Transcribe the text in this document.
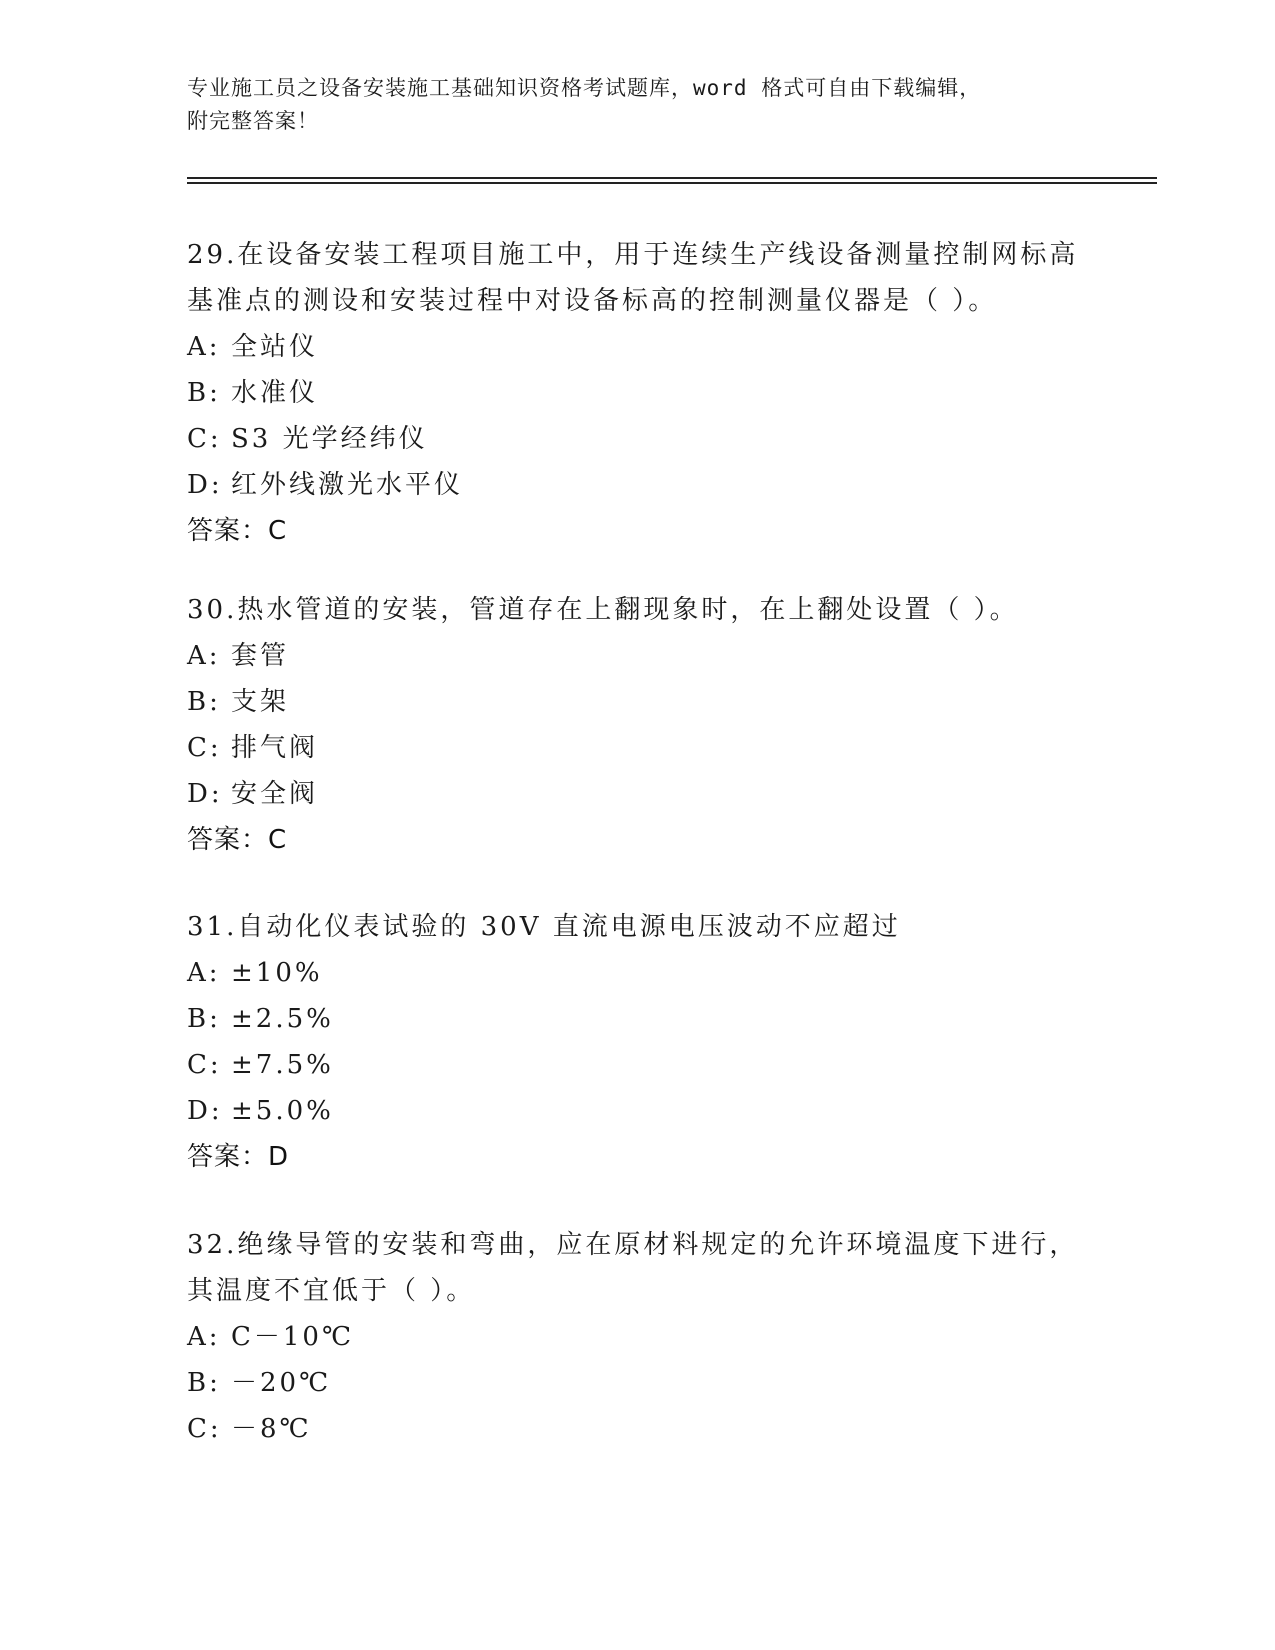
专业施工员之设备安装施工基础知识资格考试题库，word 格式可自由下载编辑，
附完整答案！
29.在设备安装工程项目施工中，用于连续生产线设备测量控制网标高
基准点的测设和安装过程中对设备标高的控制测量仪器是（ ）。
A: 全站仪
B: 水准仪
C: S3 光学经纬仪
D: 红外线激光水平仪
答案：C
30.热水管道的安装，管道存在上翻现象时，在上翻处设置（ ）。
A: 套管
B: 支架
C: 排气阀
D: 安全阀
答案：C
31.自动化仪表试验的 30V 直流电源电压波动不应超过
A: ±10%
B: ±2.5%
C: ±7.5%
D: ±5.0%
答案：D
32.绝缘导管的安装和弯曲，应在原材料规定的允许环境温度下进行，
其温度不宜低于（ ）。
A: C－10℃
B: －20℃
C: －8℃
